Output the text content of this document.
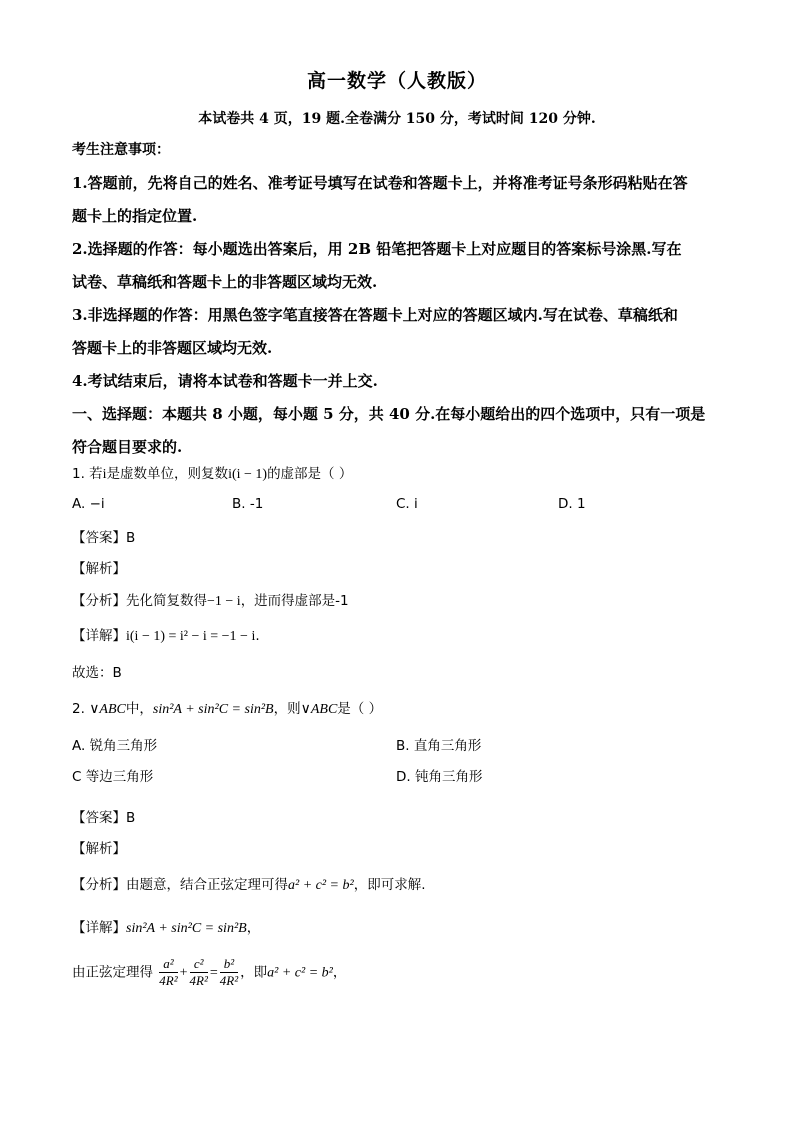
高一数学（人教版）
本试卷共 4 页，19 题.全卷满分 150 分，考试时间 120 分钟.
考生注意事项：
1.答题前，先将自己的姓名、准考证号填写在试卷和答题卡上，并将准考证号条形码粘贴在答
题卡上的指定位置.
2.选择题的作答：每小题选出答案后，用 2B 铅笔把答题卡上对应题目的答案标号涂黑.写在
试卷、草稿纸和答题卡上的非答题区域均无效.
3.非选择题的作答：用黑色签字笔直接答在答题卡上对应的答题区域内.写在试卷、草稿纸和
答题卡上的非答题区域均无效.
4.考试结束后，请将本试卷和答题卡一并上交.
一、选择题：本题共 8 小题，每小题 5 分，共 40 分.在每小题给出的四个选项中，只有一项是
符合题目要求的.
1. 若i是虚数单位，则复数i(i − 1)的虚部是（ ）
A. −i	B. -1	C. i	D. 1
【答案】B
【解析】
【分析】先化简复数得−1 − i，进而得虚部是-1
【详解】i(i − 1) = i² − i = −1 − i.
故选：B
2. ∨ABC中，sin²A + sin²C = sin²B，则∨ABC是（ ）
A. 锐角三角形	B. 直角三角形
C 等边三角形	D. 钝角三角形
【答案】B
【解析】
【分析】由题意，结合正弦定理可得a² + c² = b²，即可求解.
【详解】sin²A + sin²C = sin²B，
由正弦定理得 $\frac{\text{a²}}{\text{4R²}} + \frac{\text{c²}}{\text{4R²}} = \frac{\text{b²}}{\text{4R²}}$ ，即a² + c² = b²，
